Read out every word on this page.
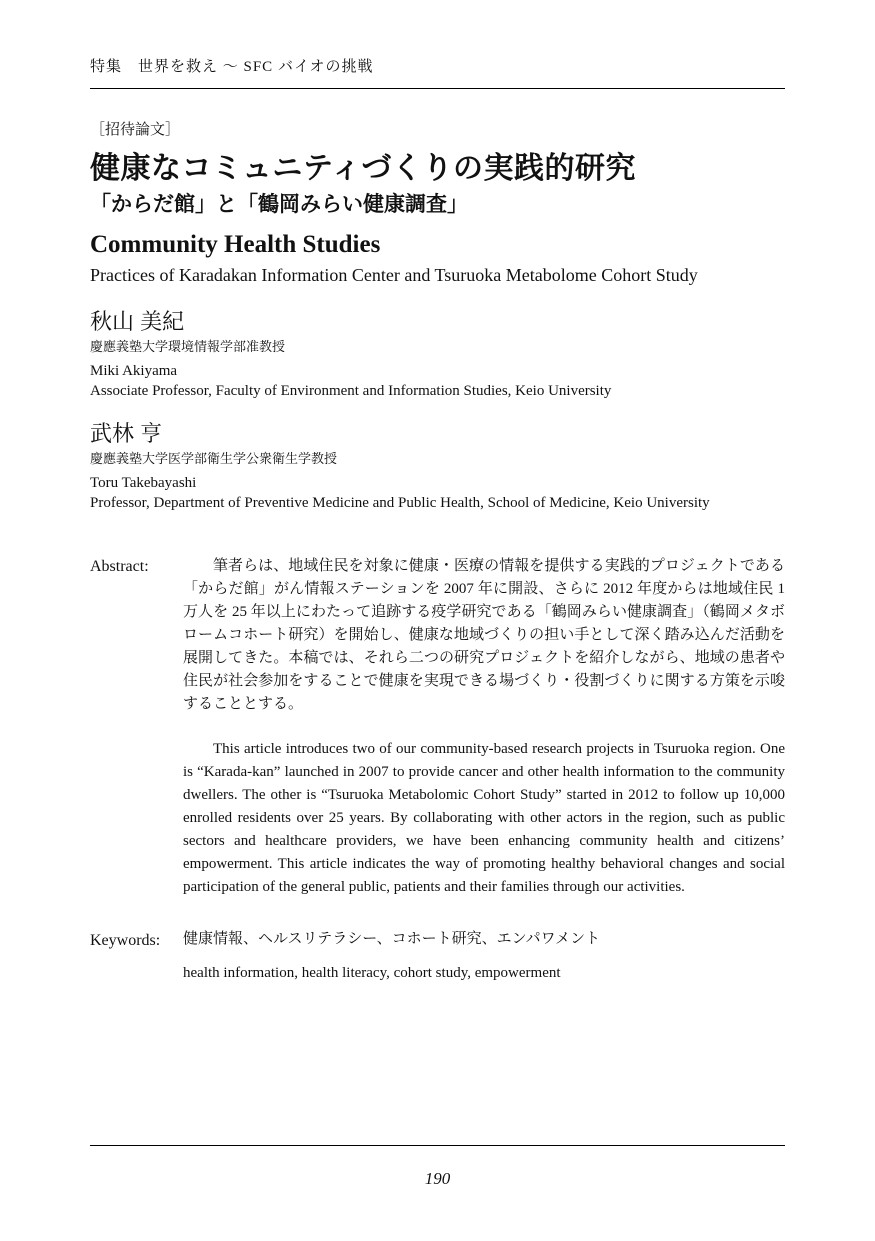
特集　世界を救え ～ SFC バイオの挑戦
［招待論文］
健康なコミュニティづくりの実践的研究
「からだ館」と「鶴岡みらい健康調査」
Community Health Studies
Practices of Karadakan Information Center and Tsuruoka Metabolome Cohort Study
秋山 美紀
慶應義塾大学環境情報学部准教授
Miki Akiyama
Associate Professor, Faculty of Environment and Information Studies, Keio University
武林 亨
慶應義塾大学医学部衛生学公衆衛生学教授
Toru Takebayashi
Professor, Department of Preventive Medicine and Public Health, School of Medicine, Keio University
Abstract:	筆者らは、地域住民を対象に健康・医療の情報を提供する実践的プロジェクトである「からだ館」がん情報ステーションを 2007 年に開設、さらに 2012 年度からは地域住民 1 万人を 25 年以上にわたって追跡する疫学研究である「鶴岡みらい健康調査」（鶴岡メタボロームコホート研究）を開始し、健康な地域づくりの担い手として深く踏み込んだ活動を展開してきた。本稿では、それら二つの研究プロジェクトを紹介しながら、地域の患者や住民が社会参加をすることで健康を実現できる場づくり・役割づくりに関する方策を示唆することとする。

This article introduces two of our community-based research projects in Tsuruoka region. One is “Karada-kan” launched in 2007 to provide cancer and other health information to the community dwellers. The other is “Tsuruoka Metabolomic Cohort Study” started in 2012 to follow up 10,000 enrolled residents over 25 years. By collaborating with other actors in the region, such as public sectors and healthcare providers, we have been enhancing community health and citizens’ empowerment. This article indicates the way of promoting healthy behavioral changes and social participation of the general public, patients and their families through our activities.

Keywords:	健康情報、ヘルスリテラシー、コホート研究、エンパワメント
health information, health literacy, cohort study, empowerment
190
